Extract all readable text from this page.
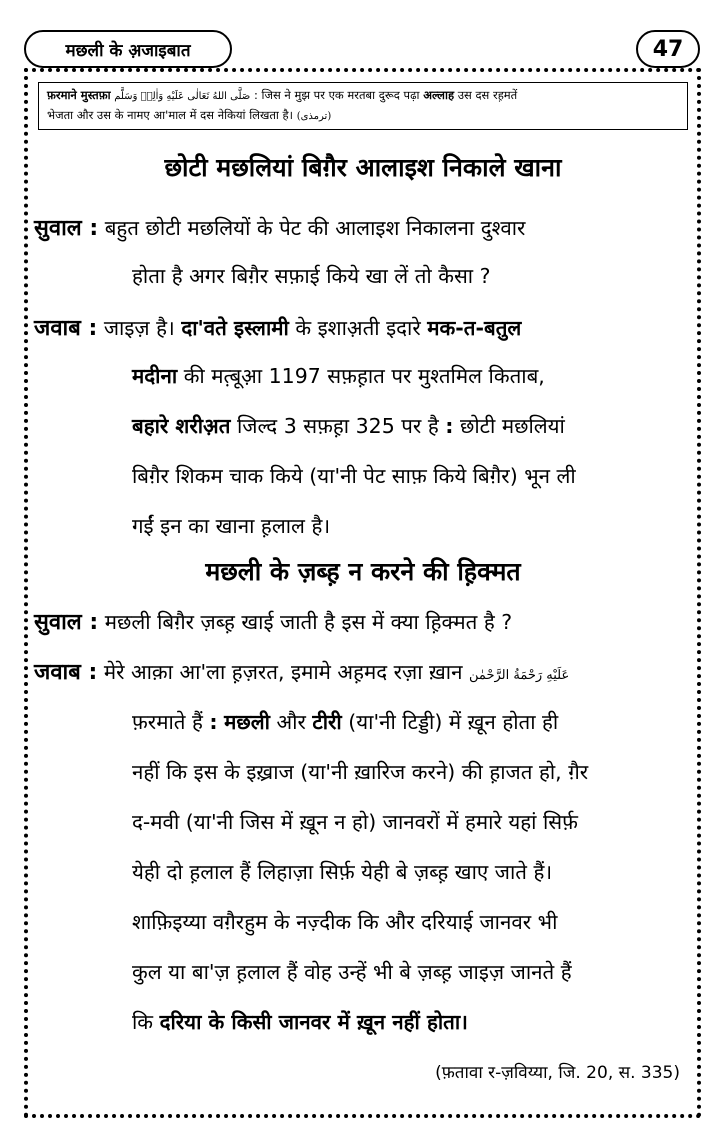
मछली के अ़जाइबात	47
फ़रमाने मुस्तफ़ा صَلَّى اللهُ تَعَالٰى عَلَيْهِ وَاٰلِهٖ وَسَلَّم : जिस ने मुझ पर एक मरतबा दुरूद पढ़ा अल्लाह उस दस रह़मतें
भेजता और उस के नामए आ'माल में दस नेकियां लिखता है। (ترمذی)
छोटी मछलियां बिग़ैर आलाइश निकाले खाना
सुवाल : बहुत छोटी मछलियों के पेट की आलाइश निकालना दुश्वार
होता है अगर बिग़ैर सफ़ाई किये खा लें तो कैसा ?
जवाब : जाइज़ है। दा'वते इस्लामी के इशाअ़ती इदारे मक-त-बतुल
मदीना की मत़्बूआ़ 1197 सफ़ह़ात पर मुश्तमिल किताब,
बहारे शरीअ़त जिल्द 3 सफ़ह़ा 325 पर है : छोटी मछलियां
बिग़ैर शिकम चाक किये (या'नी पेट साफ़ किये बिग़ैर) भून ली
गईं इन का खाना ह़लाल है।
मछली के ज़ब्ह़ न करने की ह़िक्मत
सुवाल : मछली बिग़ैर ज़ब्ह़ खाई जाती है इस में क्या ह़िक्मत है ?
जवाब : मेरे आक़ा आ'ला ह़ज़रत, इमामे अह़मद रज़ा ख़ान عَلَيْهِ رَحْمَةُ الرَّحْمٰن
फ़रमाते हैं : मछली और टीरी (या'नी टिड्डी) में ख़ून होता ही
नहीं कि इस के इख़्राज (या'नी ख़ारिज करने) की ह़ाजत हो, ग़ैर
द-मवी (या'नी जिस में ख़ून न हो) जानवरों में हमारे यहां सिर्फ़
येही दो ह़लाल हैं लिहाज़ा सिर्फ़ येही बे ज़ब्ह़ खाए जाते हैं।
शाफ़िइय्या वग़ैरहुम के नज़्दीक कि और दरियाई जानवर भी
कुल या बा'ज़ ह़लाल हैं वोह उन्हें भी बे ज़ब्ह़ जाइज़ जानते हैं
कि दरिया के किसी जानवर में ख़ून नहीं होता।
(फ़तावा र-ज़विय्या, जि. 20, स. 335)
